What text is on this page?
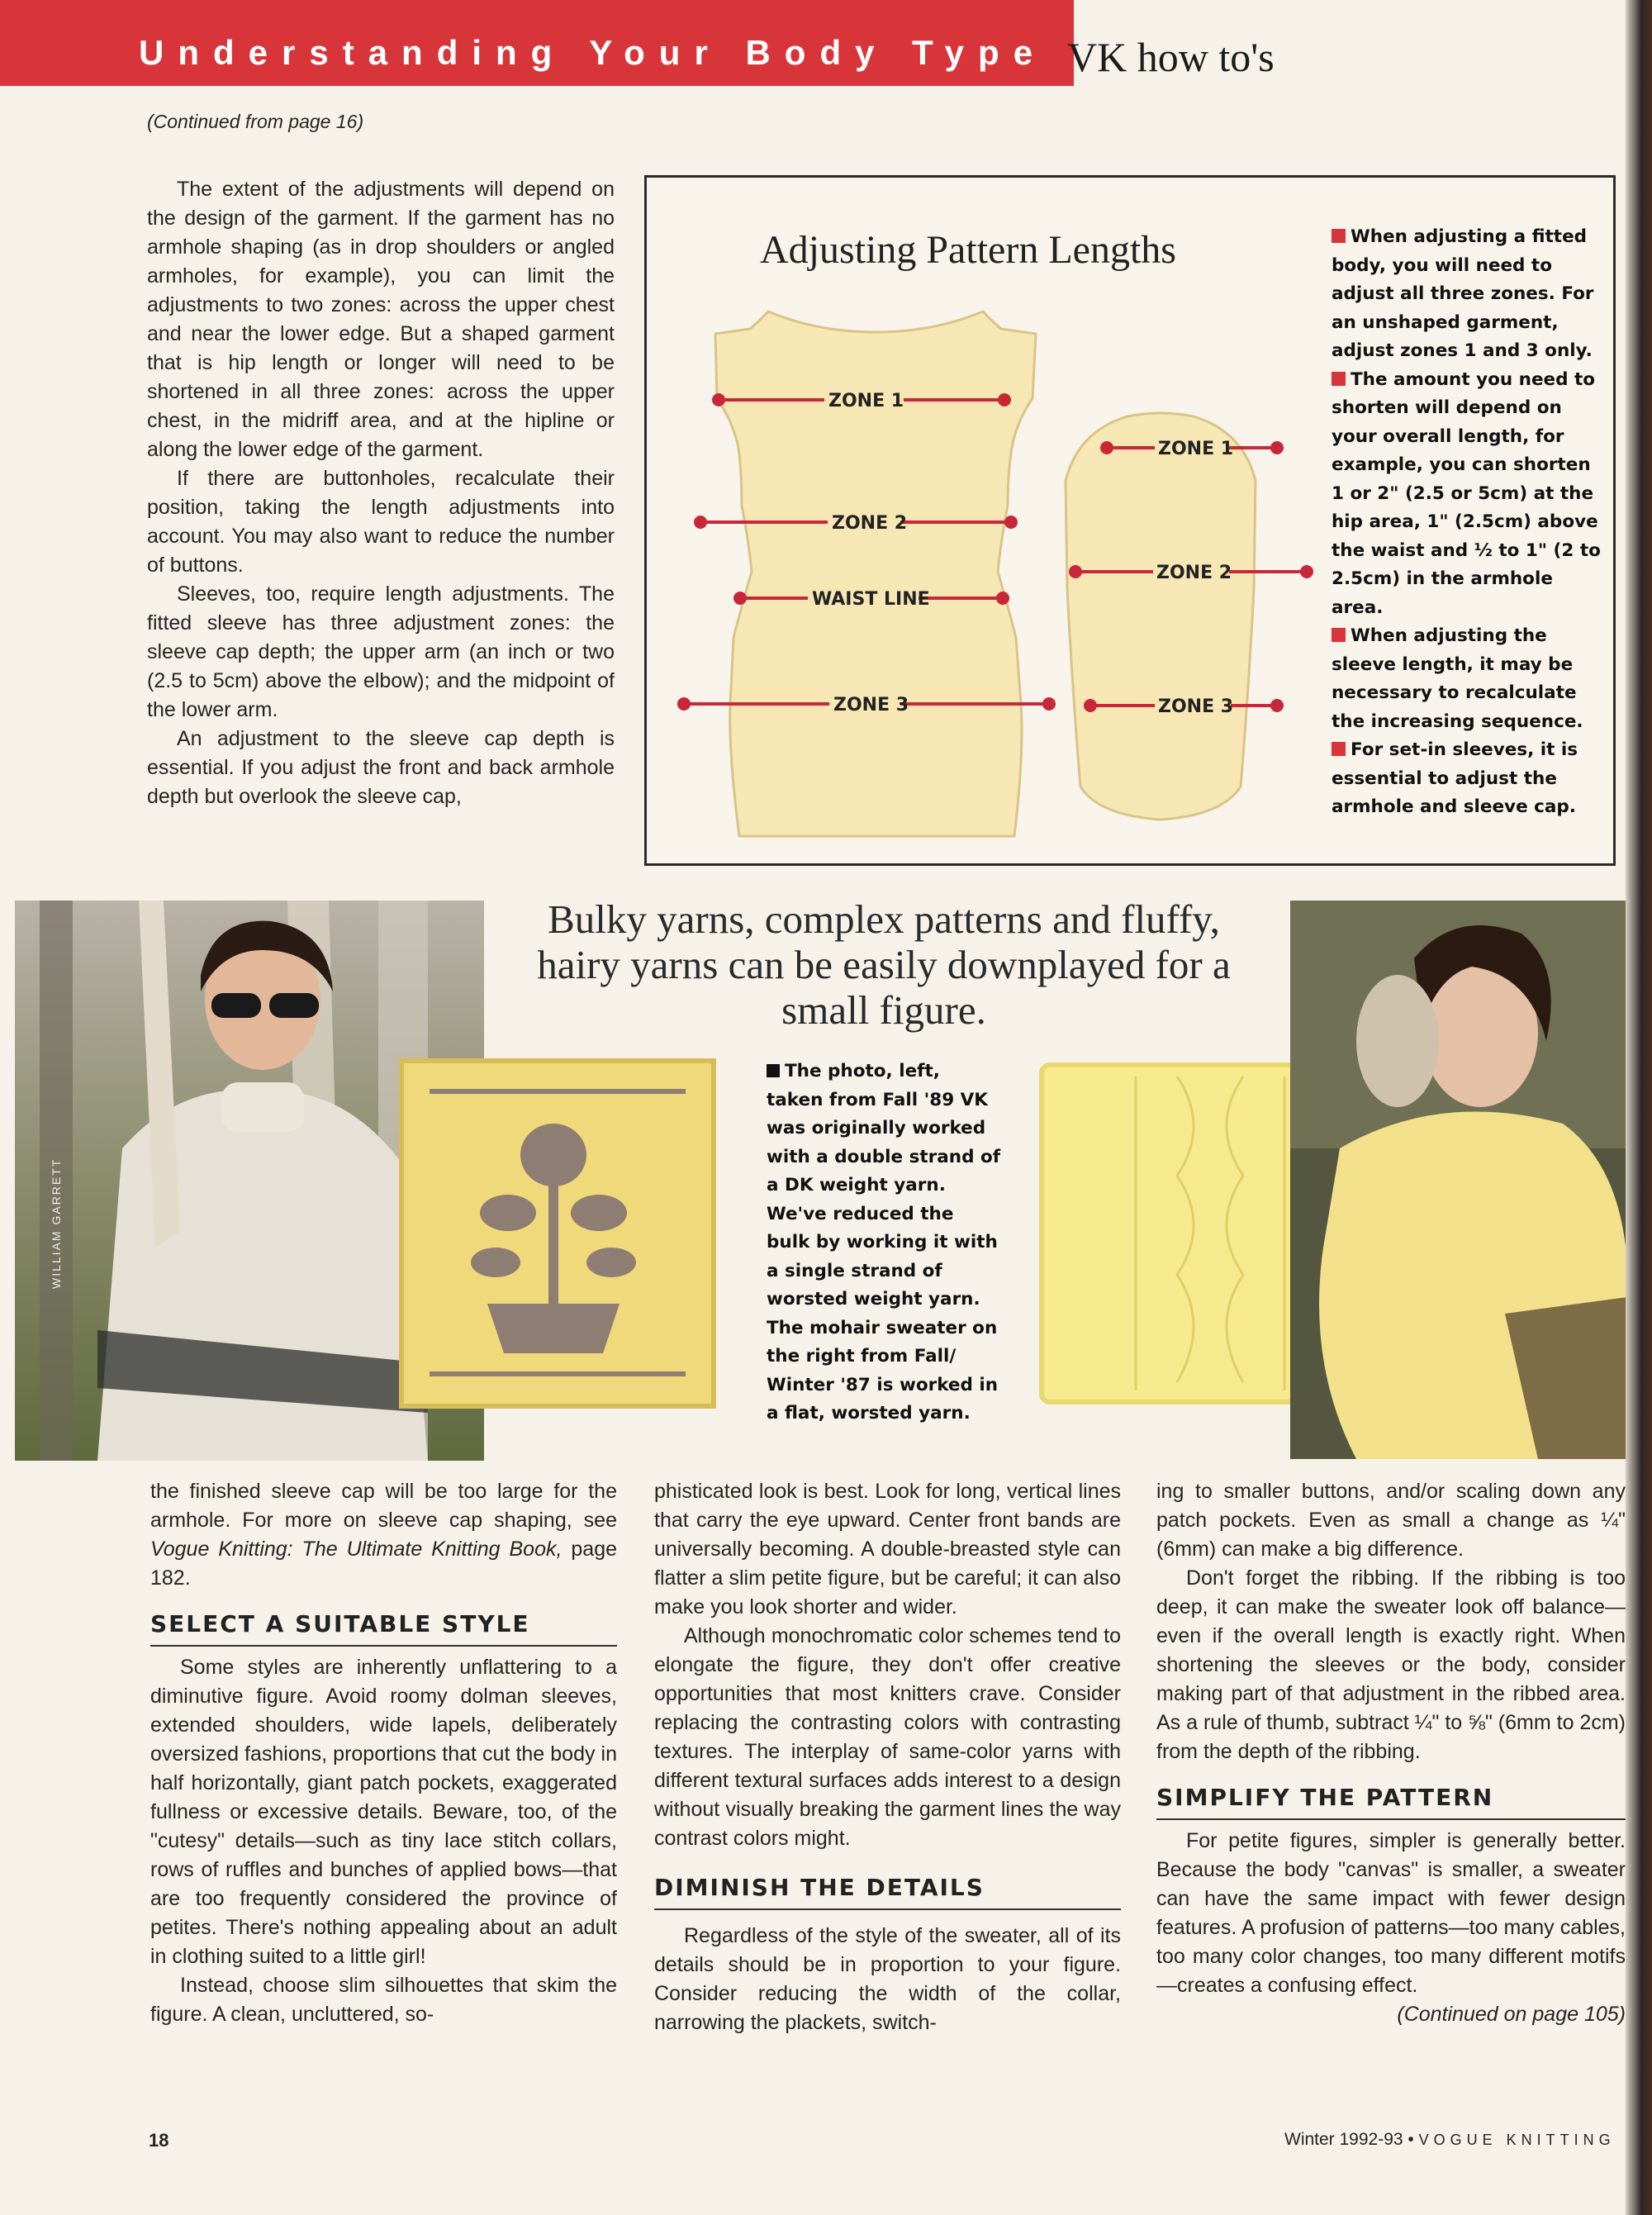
Understanding Your Body Type VK how to's
(Continued from page 16)

The extent of the adjustments will depend on the design of the garment. If the garment has no armhole shaping (as in drop shoulders or angled armholes, for example), you can limit the adjustments to two zones: across the upper chest and near the lower edge. But a shaped garment that is hip length or longer will need to be shortened in all three zones: across the upper chest, in the midriff area, and at the hipline or along the lower edge of the garment.

If there are buttonholes, recalculate their position, taking the length adjustments into account. You may also want to reduce the number of buttons.

Sleeves, too, require length adjustments. The fitted sleeve has three adjustment zones: the sleeve cap depth; the upper arm (an inch or two (2.5 to 5cm) above the elbow); and the midpoint of the lower arm.

An adjustment to the sleeve cap depth is essential. If you adjust the front and back armhole depth but overlook the sleeve cap,

Adjusting Pattern Lengths
ZONE 1
ZONE 2
WAIST LINE
ZONE 3
ZONE 1
ZONE 2
ZONE 3
When adjusting a fitted body, you will need to adjust all three zones. For an unshaped garment, adjust zones 1 and 3 only.
The amount you need to shorten will depend on your overall length, for example, you can shorten 1 or 2" (2.5 or 5cm) at the hip area, 1" (2.5cm) above the waist and ½ to 1" (2 to 2.5cm) in the armhole area.
When adjusting the sleeve length, it may be necessary to recalculate the increasing sequence.
For set-in sleeves, it is essential to adjust the armhole and sleeve cap.
WILLIAM GARRETT
Bulky yarns, complex patterns and fluffy, hairy yarns can be easily downplayed for a small figure.
The photo, left, taken from Fall '89 VK was originally worked with a double strand of a DK weight yarn. We've reduced the bulk by working it with a single strand of worsted weight yarn. The mohair sweater on the right from Fall/ Winter '87 is worked in a flat, worsted yarn.

the finished sleeve cap will be too large for the armhole. For more on sleeve cap shaping, see Vogue Knitting: The Ultimate Knitting Book, page 182.

SELECT A SUITABLE STYLE

Some styles are inherently unflattering to a diminutive figure. Avoid roomy dolman sleeves, extended shoulders, wide lapels, deliberately oversized fashions, proportions that cut the body in half horizontally, giant patch pockets, exaggerated fullness or excessive details. Beware, too, of the "cutesy" details—such as tiny lace stitch collars, rows of ruffles and bunches of applied bows—that are too frequently considered the province of petites. There's nothing appealing about an adult in clothing suited to a little girl!

Instead, choose slim silhouettes that skim the figure. A clean, uncluttered, so-

phisticated look is best. Look for long, vertical lines that carry the eye upward. Center front bands are universally becoming. A double-breasted style can flatter a slim petite figure, but be careful; it can also make you look shorter and wider.

Although monochromatic color schemes tend to elongate the figure, they don't offer creative opportunities that most knitters crave. Consider replacing the contrasting colors with contrasting textures. The interplay of same-color yarns with different textural surfaces adds interest to a design without visually breaking the garment lines the way contrast colors might.

DIMINISH THE DETAILS

Regardless of the style of the sweater, all of its details should be in proportion to your figure. Consider reducing the width of the collar, narrowing the plackets, switch-

ing to smaller buttons, and/or scaling down any patch pockets. Even as small a change as ¼" (6mm) can make a big difference.

Don't forget the ribbing. If the ribbing is too deep, it can make the sweater look off balance—even if the overall length is exactly right. When shortening the sleeves or the body, consider making part of that adjustment in the ribbed area. As a rule of thumb, subtract ¼" to ⅝" (6mm to 2cm) from the depth of the ribbing.

SIMPLIFY THE PATTERN

For petite figures, simpler is generally better. Because the body "canvas" is smaller, a sweater can have the same impact with fewer design features. A profusion of patterns—too many cables, too many color changes, too many different motifs—creates a confusing effect.

(Continued on page 105)

18	Winter 1992-93 • VOGUE KNITTING
